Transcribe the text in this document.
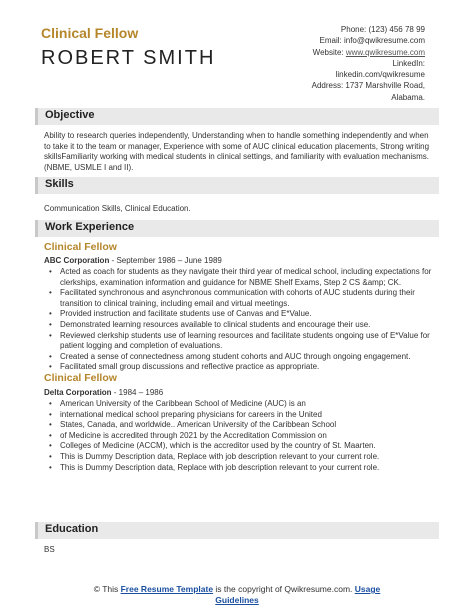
Clinical Fellow
ROBERT SMITH
Phone: (123) 456 78 99
Email: info@qwikresume.com
Website: www.qwikresume.com
LinkedIn:
linkedin.com/qwikresume
Address: 1737 Marshville Road,
Alabama.
Objective
Ability to research queries independently, Understanding when to handle something independently and when to take it to the team or manager, Experience with some of AUC clinical education placements, Strong writing skillsFamiliarity working with medical students in clinical settings, and familiarity with evaluation mechanisms. (NBME, USMLE I and II).
Skills
Communication Skills, Clinical Education.
Work Experience
Clinical Fellow
ABC Corporation - September 1986 – June 1989
• Acted as coach for students as they navigate their third year of medical school, including expectations for clerkships, examination information and guidance for NBME Shelf Exams, Step 2 CS &amp; CK.
• Facilitated synchronous and asynchronous communication with cohorts of AUC students during their transition to clinical training, including email and virtual meetings.
• Provided instruction and facilitate students use of Canvas and E*Value.
• Demonstrated learning resources available to clinical students and encourage their use.
• Reviewed clerkship students use of learning resources and facilitate students ongoing use of E*Value for patient logging and completion of evaluations.
• Created a sense of connectedness among student cohorts and AUC through ongoing engagement.
• Facilitated small group discussions and reflective practice as appropriate.
Clinical Fellow
Delta Corporation - 1984 – 1986
• American University of the Caribbean School of Medicine (AUC) is an
• international medical school preparing physicians for careers in the United
• States, Canada, and worldwide.. American University of the Caribbean School
• of Medicine is accredited through 2021 by the Accreditation Commission on
• Colleges of Medicine (ACCM), which is the accreditor used by the country of St. Maarten.
• This is Dummy Description data, Replace with job description relevant to your current role.
• This is Dummy Description data, Replace with job description relevant to your current role.
Education
BS
© This Free Resume Template is the copyright of Qwikresume.com. Usage
Guidelines
